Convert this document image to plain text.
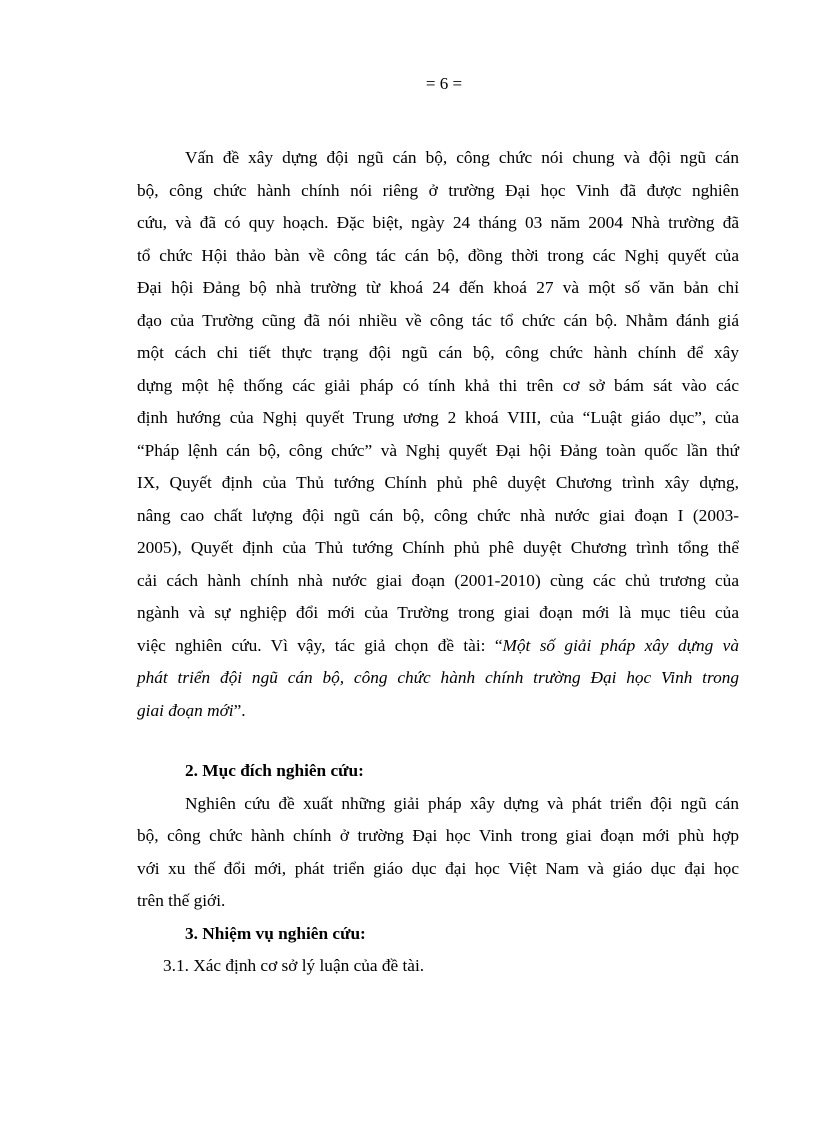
= 6 =
Vấn đề xây dựng đội ngũ cán bộ, công chức nói chung và đội ngũ cán
bộ, công chức hành chính nói riêng ở trường Đại học Vinh đã được nghiên
cứu, và đã có quy hoạch. Đặc biệt, ngày 24 tháng 03 năm 2004 Nhà trường đã
tổ chức Hội thảo bàn về công tác cán bộ, đồng thời trong các Nghị quyết của
Đại hội Đảng bộ nhà trường từ khoá 24 đến khoá 27 và một số văn bản chỉ
đạo của Trường cũng đã nói nhiều về công tác tổ chức cán bộ. Nhằm đánh giá
một cách chi tiết thực trạng đội ngũ cán bộ, công chức hành chính để xây
dựng một hệ thống các giải pháp có tính khả thi trên cơ sở bám sát vào các
định hướng của Nghị quyết Trung ương 2 khoá VIII, của “Luật giáo dục”, của
“Pháp lệnh cán bộ, công chức” và Nghị quyết Đại hội Đảng toàn quốc lần thứ
IX, Quyết định của Thủ tướng Chính phủ phê duyệt Chương trình xây dựng,
nâng cao chất lượng đội ngũ cán bộ, công chức nhà nước giai đoạn I (2003-
2005), Quyết định của Thủ tướng Chính phủ phê duyệt Chương trình tổng thể
cải cách hành chính nhà nước giai đoạn (2001-2010) cùng các chủ trương của
ngành và sự nghiệp đổi mới của Trường trong giai đoạn mới là mục tiêu của
việc nghiên cứu. Vì vậy, tác giả chọn đề tài: “Một số giải pháp xây dựng và
phát triển đội ngũ cán bộ, công chức hành chính trường Đại học Vinh trong
giai đoạn mới”.
2. Mục đích nghiên cứu:
Nghiên cứu đề xuất những giải pháp xây dựng và phát triển đội ngũ cán
bộ, công chức hành chính ở trường Đại học Vinh trong giai đoạn mới phù hợp
với xu thế đổi mới, phát triển giáo dục đại học Việt Nam và giáo dục đại học
trên thế giới.
3. Nhiệm vụ nghiên cứu:
3.1. Xác định cơ sở lý luận của đề tài.
